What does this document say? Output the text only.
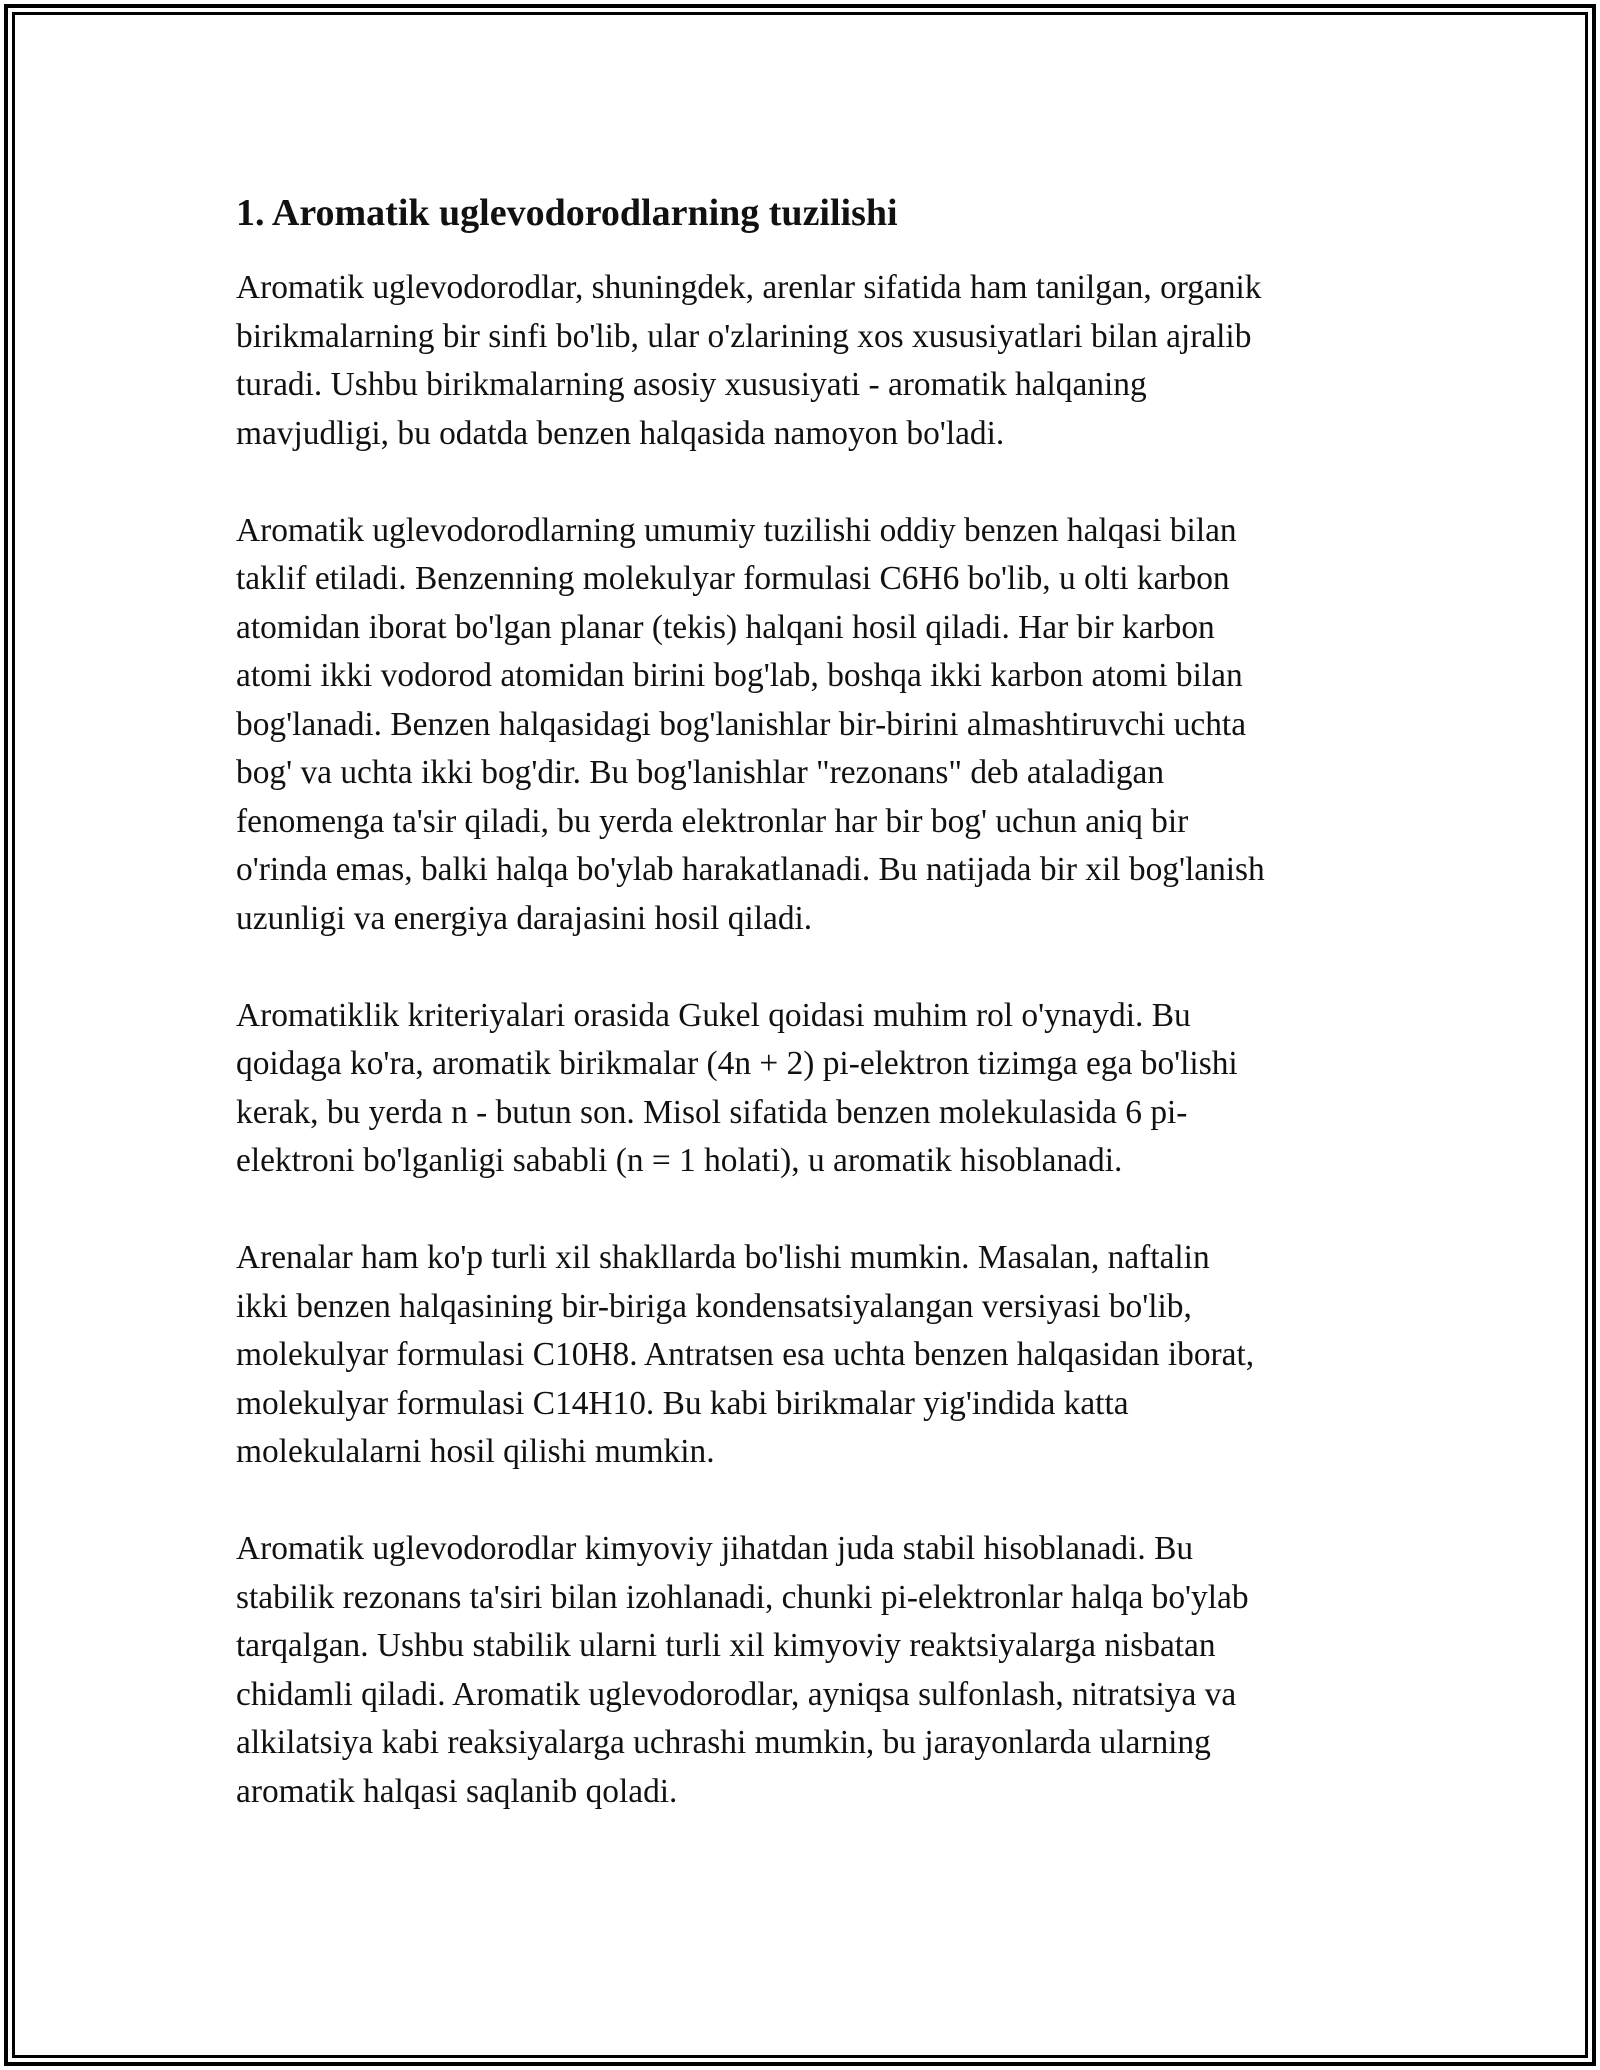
1. Aromatik uglevodorodlarning tuzilishi

Aromatik uglevodorodlar, shuningdek, arenlar sifatida ham tanilgan, organik
birikmalarning bir sinfi bo'lib, ular o'zlarining xos xususiyatlari bilan ajralib
turadi. Ushbu birikmalarning asosiy xususiyati - aromatik halqaning
mavjudligi, bu odatda benzen halqasida namoyon bo'ladi.

Aromatik uglevodorodlarning umumiy tuzilishi oddiy benzen halqasi bilan
taklif etiladi. Benzenning molekulyar formulasi C6H6 bo'lib, u olti karbon
atomidan iborat bo'lgan planar (tekis) halqani hosil qiladi. Har bir karbon
atomi ikki vodorod atomidan birini bog'lab, boshqa ikki karbon atomi bilan
bog'lanadi. Benzen halqasidagi bog'lanishlar bir-birini almashtiruvchi uchta
bog' va uchta ikki bog'dir. Bu bog'lanishlar "rezonans" deb ataladigan
fenomenga ta'sir qiladi, bu yerda elektronlar har bir bog' uchun aniq bir
o'rinda emas, balki halqa bo'ylab harakatlanadi. Bu natijada bir xil bog'lanish
uzunligi va energiya darajasini hosil qiladi.

Aromatiklik kriteriyalari orasida Gukel qoidasi muhim rol o'ynaydi. Bu
qoidaga ko'ra, aromatik birikmalar (4n + 2) pi-elektron tizimga ega bo'lishi
kerak, bu yerda n - butun son. Misol sifatida benzen molekulasida 6 pi-
elektroni bo'lganligi sababli (n = 1 holati), u aromatik hisoblanadi.

Arenalar ham ko'p turli xil shakllarda bo'lishi mumkin. Masalan, naftalin
ikki benzen halqasining bir-biriga kondensatsiyalangan versiyasi bo'lib,
molekulyar formulasi C10H8. Antratsen esa uchta benzen halqasidan iborat,
molekulyar formulasi C14H10. Bu kabi birikmalar yig'indida katta
molekulalarni hosil qilishi mumkin.

Aromatik uglevodorodlar kimyoviy jihatdan juda stabil hisoblanadi. Bu
stabilik rezonans ta'siri bilan izohlanadi, chunki pi-elektronlar halqa bo'ylab
tarqalgan. Ushbu stabilik ularni turli xil kimyoviy reaktsiyalarga nisbatan
chidamli qiladi. Aromatik uglevodorodlar, ayniqsa sulfonlash, nitratsiya va
alkilatsiya kabi reaksiyalarga uchrashi mumkin, bu jarayonlarda ularning
aromatik halqasi saqlanib qoladi.
